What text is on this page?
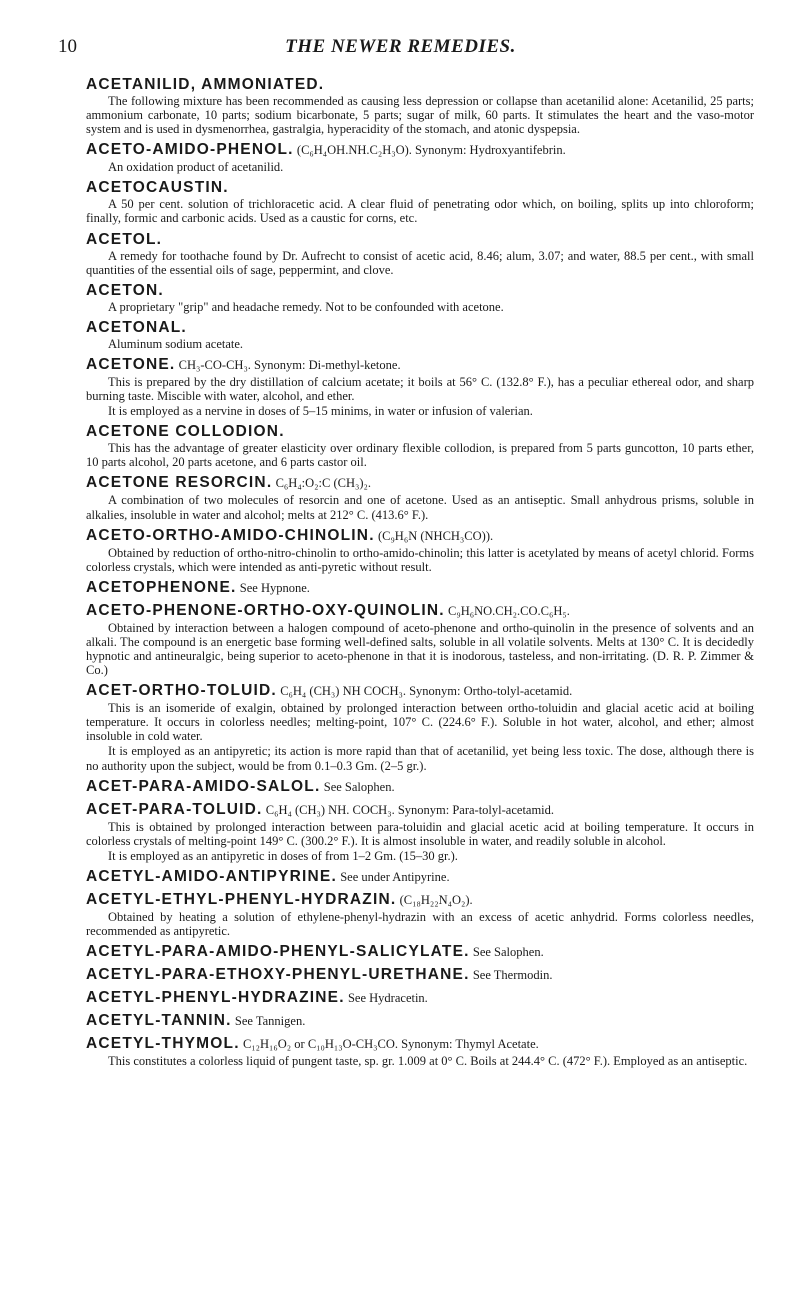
10	THE NEWER REMEDIES.
ACETANILID, AMMONIATED.

The following mixture has been recommended as causing less depression or collapse than acetanilid alone: Acetanilid, 25 parts; ammonium carbonate, 10 parts; sodium bicarbonate, 5 parts; sugar of milk, 60 parts. It stimulates the heart and the vaso-motor system and is used in dysmenorrhea, gastralgia, hyperacidity of the stomach, and atonic dyspepsia.

ACETO-AMIDO-PHENOL. (C₆H₄OH.NH.C₂H₃O). Synonym: Hydroxyantifebrin.

An oxidation product of acetanilid.

ACETOCAUSTIN.

A 50 per cent. solution of trichloracetic acid. A clear fluid of penetrating odor which, on boiling, splits up into chloroform; finally, formic and carbonic acids. Used as a caustic for corns, etc.

ACETOL.

A remedy for toothache found by Dr. Aufrecht to consist of acetic acid, 8.46; alum, 3.07; and water, 88.5 per cent., with small quantities of the essential oils of sage, peppermint, and clove.

ACETON.

A proprietary "grip" and headache remedy. Not to be confounded with acetone.

ACETONAL.

Aluminum sodium acetate.

ACETONE. CH₃-CO-CH₃. Synonym: Di-methyl-ketone.

This is prepared by the dry distillation of calcium acetate; it boils at 56° C. (132.8° F.), has a peculiar ethereal odor, and sharp burning taste. Miscible with water, alcohol, and ether.

It is employed as a nervine in doses of 5–15 minims, in water or infusion of valerian.

ACETONE COLLODION.

This has the advantage of greater elasticity over ordinary flexible collodion, is prepared from 5 parts guncotton, 10 parts ether, 10 parts alcohol, 20 parts acetone, and 6 parts castor oil.

ACETONE RESORCIN. C₆H₄:O₂:C (CH₃)₂.

A combination of two molecules of resorcin and one of acetone. Used as an antiseptic. Small anhydrous prisms, soluble in alkalies, insoluble in water and alcohol; melts at 212° C. (413.6° F.).

ACETO-ORTHO-AMIDO-CHINOLIN. (C₉H₆N (NHCH₃CO)).

Obtained by reduction of ortho-nitro-chinolin to ortho-amido-chinolin; this latter is acetylated by means of acetyl chlorid. Forms colorless crystals, which were intended as anti-pyretic without result.

ACETOPHENONE. See Hypnone.
ACETO-PHENONE-ORTHO-OXY-QUINOLIN. C₉H₆NO.CH₂.CO.C₆H₅.

Obtained by interaction between a halogen compound of aceto-phenone and ortho-quinolin in the presence of solvents and an alkali. The compound is an energetic base forming well-defined salts, soluble in all volatile solvents. Melts at 130° C. It is decidedly hypnotic and antineuralgic, being superior to aceto-phenone in that it is inodorous, tasteless, and non-irritating. (D. R. P. Zimmer & Co.)

ACET-ORTHO-TOLUID. C₆H₄ (CH₃) NH COCH₃. Synonym: Ortho-tolyl-acetamid.

This is an isomeride of exalgin, obtained by prolonged interaction between ortho-toluidin and glacial acetic acid at boiling temperature. It occurs in colorless needles; melting-point, 107° C. (224.6° F.). Soluble in hot water, alcohol, and ether; almost insoluble in cold water.

It is employed as an antipyretic; its action is more rapid than that of acetanilid, yet being less toxic. The dose, although there is no authority upon the subject, would be from 0.1–0.3 Gm. (2–5 gr.).

ACET-PARA-AMIDO-SALOL. See Salophen.
ACET-PARA-TOLUID. C₆H₄ (CH₃) NH. COCH₃. Synonym: Para-tolyl-acetamid.

This is obtained by prolonged interaction between para-toluidin and glacial acetic acid at boiling temperature. It occurs in colorless crystals of melting-point 149° C. (300.2° F.). It is almost insoluble in water, and readily soluble in alcohol.

It is employed as an antipyretic in doses of from 1–2 Gm. (15–30 gr.).

ACETYL-AMIDO-ANTIPYRINE. See under Antipyrine.
ACETYL-ETHYL-PHENYL-HYDRAZIN. (C₁₈H₂₂N₄O₂).

Obtained by heating a solution of ethylene-phenyl-hydrazin with an excess of acetic anhydrid. Forms colorless needles, recommended as antipyretic.

ACETYL-PARA-AMIDO-PHENYL-SALICYLATE. See Salophen.
ACETYL-PARA-ETHOXY-PHENYL-URETHANE. See Thermodin.
ACETYL-PHENYL-HYDRAZINE. See Hydracetin.
ACETYL-TANNIN. See Tannigen.
ACETYL-THYMOL. C₁₂H₁₆O₂ or C₁₀H₁₃O-CH₃CO. Synonym: Thymyl Acetate.

This constitutes a colorless liquid of pungent taste, sp. gr. 1.009 at 0° C. Boils at 244.4° C. (472° F.). Employed as an antiseptic.
